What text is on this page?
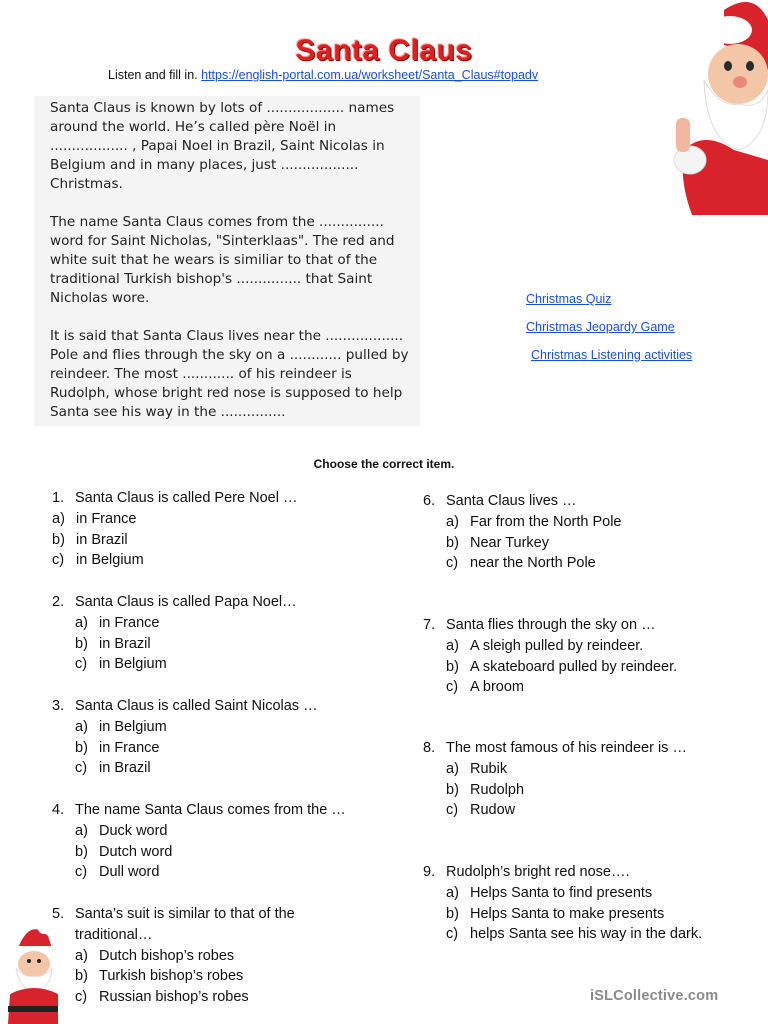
Santa Claus
Listen and fill in. https://english-portal.com.ua/worksheet/Santa_Claus#topadv
Santa Claus is known by lots of .................. names around the world. He’s called père Noël in .................. , Papai Noel in Brazil, Saint Nicolas in Belgium and in many places, just .................. Christmas.
The name Santa Claus comes from the ............... word for Saint Nicholas, "Sinterklaas". The red and white suit that he wears is similiar to that of the traditional Turkish bishop's ............... that Saint Nicholas wore.
It is said that Santa Claus lives near the .................. Pole and flies through the sky on a ............ pulled by reindeer. The most ............ of his reindeer is Rudolph, whose bright red nose is supposed to help Santa see his way in the ...............
Christmas Quiz
Christmas Jeopardy Game
Christmas Listening activities
Choose the correct item.
1. Santa Claus is called Pere Noel …
a) in France
b) in Brazil
c) in Belgium
2. Santa Claus is called Papa Noel…
a) in France
b) in Brazil
c) in Belgium
3. Santa Claus is called Saint Nicolas …
a) in Belgium
b) in France
c) in Brazil
4. The name Santa Claus comes from the …
a) Duck word
b) Dutch word
c) Dull word
5. Santa’s suit is similar to that of the traditional…
a) Dutch bishop’s robes
b) Turkish bishop’s robes
c) Russian bishop’s robes
6. Santa Claus lives …
a) Far from the North Pole
b) Near Turkey
c) near the North Pole
7. Santa flies through the sky on …
a) A sleigh pulled by reindeer.
b) A skateboard pulled by reindeer.
c) A broom
8. The most famous of his reindeer is …
a) Rubik
b) Rudolph
c) Rudow
9. Rudolph’s bright red nose….
a) Helps Santa to find presents
b) Helps Santa to make presents
c) helps Santa see his way in the dark.
iSLCollective.com
